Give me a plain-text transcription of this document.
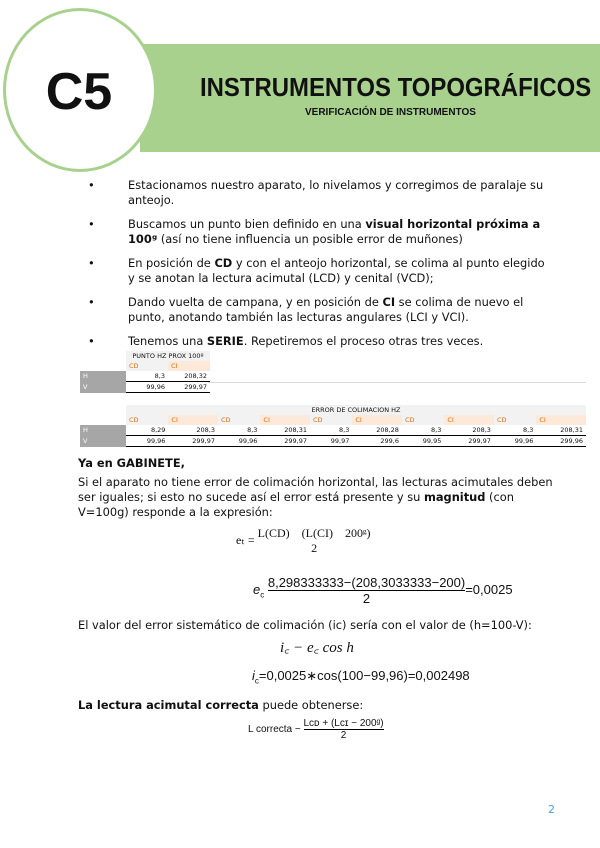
C5	INSTRUMENTOS TOPOGRÁFICOS
VERIFICACIÓN DE INSTRUMENTOS
• Estacionamos nuestro aparato, lo nivelamos y corregimos de paralaje su anteojo.
• Buscamos un punto bien definido en una visual horizontal próxima a 100ᵍ (así no tiene influencia un posible error de muñones)
• En posición de CD y con el anteojo horizontal, se colima al punto elegido y se anotan la lectura acimutal (LCD) y cenital (VCD);
• Dando vuelta de campana, y en posición de CI se colima de nuevo el punto, anotando también las lecturas angulares (LCI y VCI).
• Tenemos una SERIE. Repetiremos el proceso otras tres veces.
	PUNTO HZ PROX 100º	
	CD	CI
H	8,3	208,32
V	99,96	299,97
	ERROR DE COLIMACION HZ									
	CD	CI	CD	CI	CD	CI	CD	CI	CD	CI
H	8,29	208,3	8,3	208,31	8,3	208,28	8,3	208,3	8,3	208,31
V	99,96	299,97	99,96	299,97	99,97	299,6	99,95	299,97	99,96	299,96

Ya en GABINETE,

Si el aparato no tiene error de colimación horizontal, las lecturas acimutales deben ser iguales; si esto no sucede así el error está presente y su magnitud (con V=100g) responde a la expresión:

eₜ = L(CD)    (L(CI)    200ᵍ)
2
$e_c \frac{8,298333333-(208,3033333-200)}{2} =0,0025$

El valor del error sistemático de colimación (ic) sería con el valor de (h=100-V):

i꜀ − e꜀ cos h
$i_c=0,0025∗\cos(100-99,96)=0,002498$

La lectura acimutal correcta puede obtenerse:

L correcta − $\frac{\text{Lᴄᴅ + (Lᴄɪ − 200ᵍ)}}{2}$
2
